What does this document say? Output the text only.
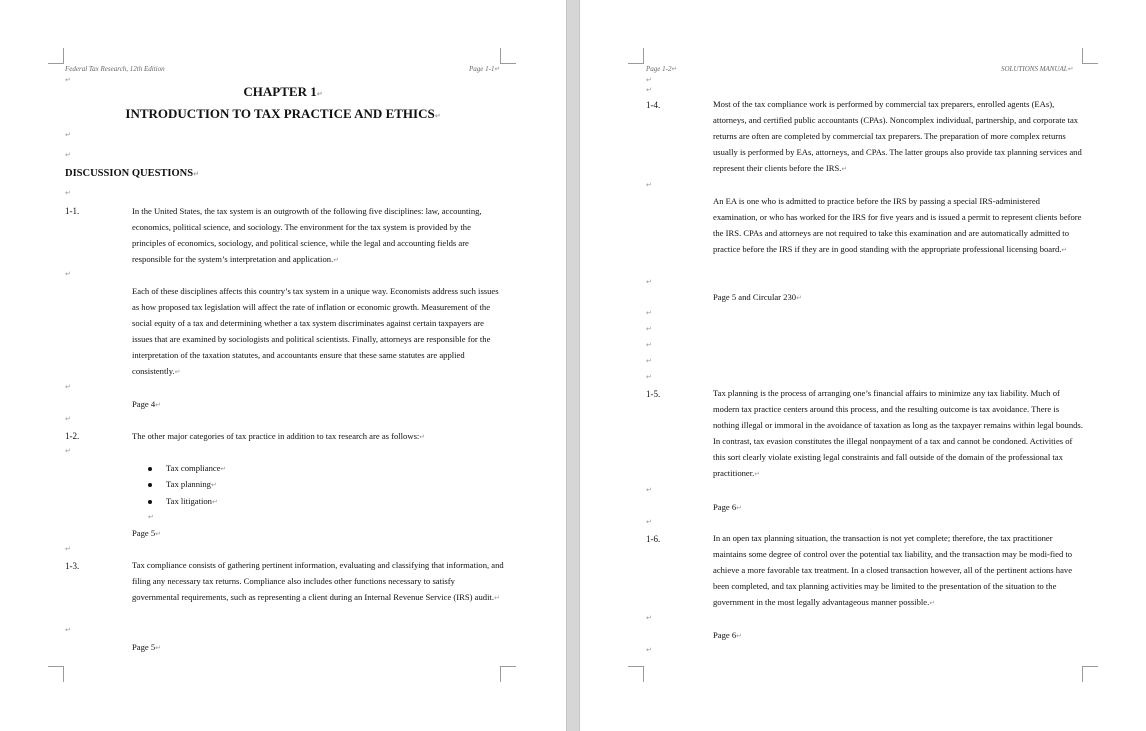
Federal Tax Research, 12th Edition	Page 1-1↵
↵
CHAPTER 1↵
INTRODUCTION TO TAX PRACTICE AND ETHICS↵
↵
↵
DISCUSSION QUESTIONS↵
↵
1-1.	In the United States, the tax system is an outgrowth of the following five disciplines: law, accounting, economics, political science, and sociology. The environment for the tax system is provided by the principles of economics, sociology, and political science, while the legal and accounting fields are responsible for the system’s interpretation and application.↵
↵
Each of these disciplines affects this country’s tax system in a unique way. Economists address such issues as how proposed tax legislation will affect the rate of inflation or economic growth. Measurement of the social equity of a tax and determining whether a tax system discriminates against certain taxpayers are issues that are examined by sociologists and political scientists. Finally, attorneys are responsible for the interpretation of the taxation statutes, and accountants ensure that these same statutes are applied consistently.↵
↵
Page 4↵
↵
1-2.	The other major categories of tax practice in addition to tax research are as follows:↵
↵
Tax compliance↵
Tax planning↵
Tax litigation↵
↵
Page 5↵
↵
1-3.	Tax compliance consists of gathering pertinent information, evaluating and classifying that information, and filing any necessary tax returns. Compliance also includes other functions necessary to satisfy governmental requirements, such as representing a client during an Internal Revenue Service (IRS) audit.↵
↵
Page 5↵
Page 1-2↵	SOLUTIONS MANUAL↵
↵
↵
1-4.	Most of the tax compliance work is performed by commercial tax preparers, enrolled agents (EAs), attorneys, and certified public accountants (CPAs). Noncomplex individual, partnership, and corporate tax returns are often are completed by commercial tax preparers. The preparation of more complex returns usually is performed by EAs, attorneys, and CPAs. The latter groups also provide tax planning services and represent their clients before the IRS.↵
↵
An EA is one who is admitted to practice before the IRS by passing a special IRS-administered examination, or who has worked for the IRS for five years and is issued a permit to represent clients before the IRS. CPAs and attorneys are not required to take this examination and are automatically admitted to practice before the IRS if they are in good standing with the appropriate professional licensing board.↵
↵
Page 5 and Circular 230↵
↵
↵
↵
↵
↵
1-5.	Tax planning is the process of arranging one’s financial affairs to minimize any tax liability. Much of modern tax practice centers around this process, and the resulting outcome is tax avoidance. There is nothing illegal or immoral in the avoidance of taxation as long as the taxpayer remains within legal bounds. In contrast, tax evasion constitutes the illegal nonpayment of a tax and cannot be condoned. Activities of this sort clearly violate existing legal constraints and fall outside of the domain of the professional tax practitioner.↵
↵
Page 6↵
↵
1-6.	In an open tax planning situation, the transaction is not yet complete; therefore, the tax practitioner maintains some degree of control over the potential tax liability, and the transaction may be modi-fied to achieve a more favorable tax treatment. In a closed transaction however, all of the pertinent actions have been completed, and tax planning activities may be limited to the presentation of the situation to the government in the most legally advantageous manner possible.↵
↵
Page 6↵
↵
